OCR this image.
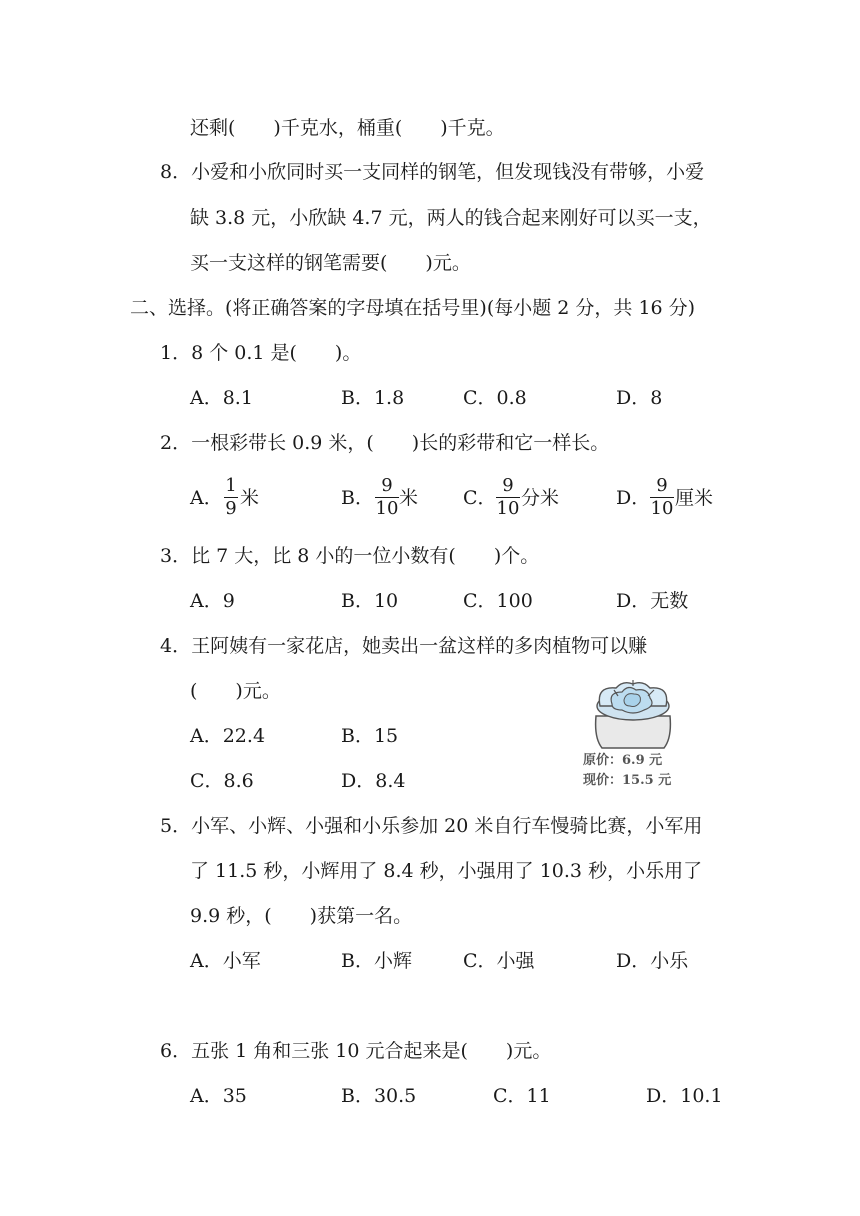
还剩(　　)千克水，桶重(　　)千克。
8．小爱和小欣同时买一支同样的钢笔，但发现钱没有带够，小爱
缺 3.8 元，小欣缺 4.7 元，两人的钱合起来刚好可以买一支，
买一支这样的钢笔需要(　　)元。
二、选择。(将正确答案的字母填在括号里)(每小题 2 分，共 16 分)
1．8 个 0.1 是(　　)。
A．8.1	B．1.8	C．0.8	D．8
2．一根彩带长 0.9 米，(　　)长的彩带和它一样长。
A．
1
9 米	B．
9
10 米 C．
9
10 分米	D．
9
10 厘米
3．比 7 大，比 8 小的一位小数有(　　)个。
A．9	B．10	C．100	D．无数
4．王阿姨有一家花店，她卖出一盆这样的多肉植物可以赚
(　　)元。
A．22.4	B．15
C．8.6	D．8.4
原价：6.9 元
现价：15.5 元
5．小军、小辉、小强和小乐参加 20 米自行车慢骑比赛，小军用
了 11.5 秒，小辉用了 8.4 秒，小强用了 10.3 秒，小乐用了
9.9 秒，(　　)获第一名。
A．小军	B．小辉	C．小强	D．小乐
6．五张 1 角和三张 10 元合起来是(　　)元。
A．35	B．30.5	C．11	D．10.1
